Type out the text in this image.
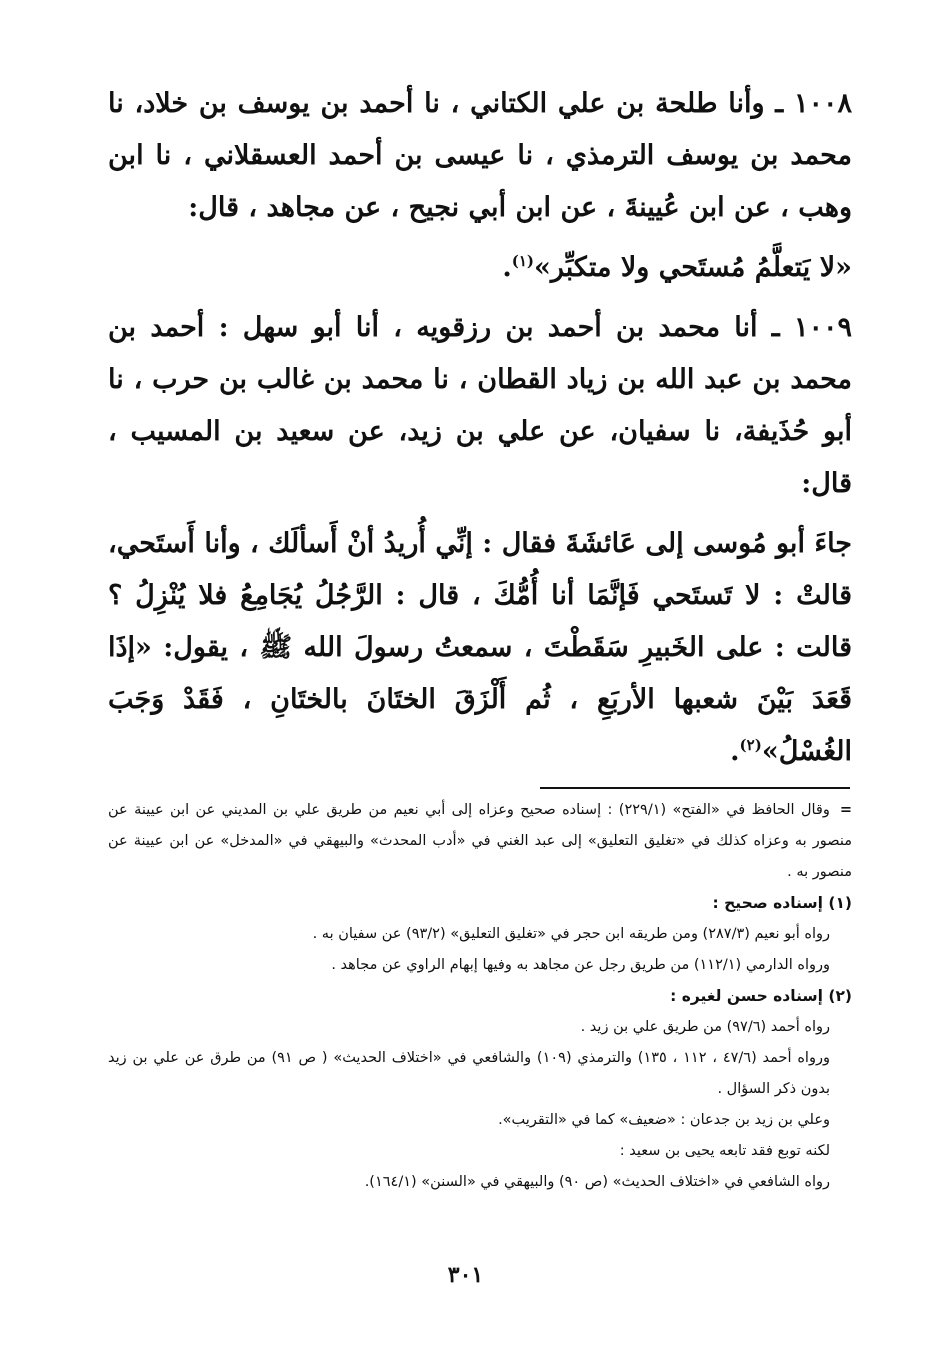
١٠٠٨ ـ وأنا طلحة بن علي الكتاني ، نا أحمد بن يوسف بن خلاد، نا محمد بن يوسف الترمذي ، نا عيسى بن أحمد العسقلاني ، نا ابن وهب ، عن ابن عُيينةَ ، عن ابن أبي نجيح ، عن مجاهد ، قال:

«لا يَتعلَّمُ مُستَحي ولا متكبِّر»$^{(١)}$.

١٠٠٩ ـ أنا محمد بن أحمد بن رزقويه ، أنا أبو سهل : أحمد بن محمد بن عبد الله بن زياد القطان ، نا محمد بن غالب بن حرب ، نا أبو حُذَيفة، نا سفيان، عن علي بن زيد، عن سعيد بن المسيب ، قال:

جاءَ أبو مُوسى إلى عَائشَةَ فقال : إنِّي أُريدُ أنْ أَسألَك ، وأنا أَستَحي، قالتْ : لا تَستَحي فَإنَّمَا أنا أُمُّكَ ، قال : الرَّجُلُ يُجَامِعُ فلا يُنْزِلُ ؟ قالت : على الخَبيرِ سَقَطْتَ ، سمعتُ رسولَ الله ﷺ ، يقول: «إذَا قَعَدَ بَيْنَ شعبها الأربَعِ ، ثُم أَلْزَقَ الختَانَ بالختَانِ ، فَقَدْ وَجَبَ الغُسْلُ»$^{(٢)}$.

=وقال الحافظ في «الفتح» (٢٢٩/١) : إسناده صحيح وعزاه إلى أبي نعيم من طريق علي بن المديني عن ابن عيينة عن منصور به وعزاه كذلك في «تغليق التعليق» إلى عبد الغني في «أدب المحدث» والبيهقي في «المدخل» عن ابن عيينة عن منصور به .

(١) إسناده صحيح :

رواه أبو نعيم (٢٨٧/٣) ومن طريقه ابن حجر في «تغليق التعليق» (٩٣/٢) عن سفيان به .

ورواه الدارمي (١١٢/١) من طريق رجل عن مجاهد به وفيها إبهام الراوي عن مجاهد .

(٢) إسناده حسن لغيره :

رواه أحمد (٩٧/٦) من طريق علي بن زيد .

ورواه أحمد (٤٧/٦ ، ١١٢ ، ١٣٥) والترمذي (١٠٩) والشافعي في «اختلاف الحديث» ( ص ٩١) من طرق عن علي بن زيد بدون ذكر السؤال .

وعلي بن زيد بن جدعان : «ضعيف» كما في «التقريب».

لكنه توبع فقد تابعه يحيى بن سعيد :

رواه الشافعي في «اختلاف الحديث» (ص ٩٠) والبيهقي في «السنن» (١٦٤/١).

٣٠١
